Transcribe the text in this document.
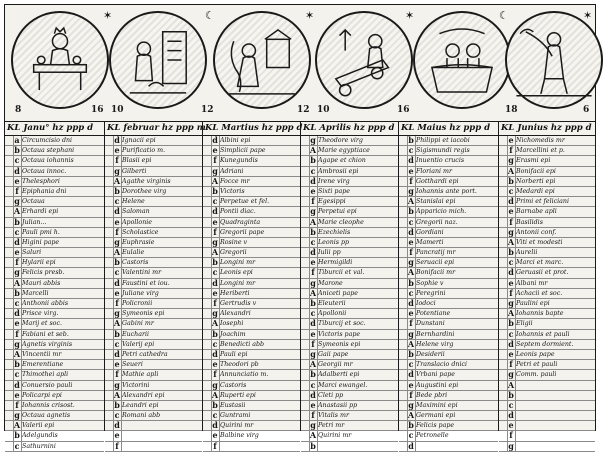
✶	☾	✶	✶	☾	✶
8	16 10	12	12 10	16	18	6
KL Janu° hz ppp d
a Circumcisio dni
b Octaua stephani
c Octaua iohannis
d Octaua innoc.
e Thelesphori
f Epiphania dni
g Octaua
A Erhardi epi
b Julian...
c Pauli pmi h.
d Higini pape
e Saluri
f Hylarii epi
g Felicis presb.
A Mauri abbis
b Marcelli
c Anthonii abbis
d Prisce virg.
e Marij et soc.
f Fabiani et seb.
g Agnetis virginis
A Vincentii mr
b Emerentiane
c Thimothei apli
d Conuersio pauli
e Policarpi epi
f Iohannis crisost.
g Octaua agnetis
A Valerii epi
b Adelgundis
c Sathurnini
KL februar hz ppp m
d Ignacii epi
e Purificatio m.
f Blasii epi
g Gilberti
A Agathe virginis
b Dorothee virg
c Helene
d Saloman
e Apollonie
f Scholastice
g Euphrasie
A Eulalie
b Castoris
c Valentini mr
d Faustini et iou.
e Juliane virg
f Policronii
g Symeonis epi
A Gabini mr
b Eucharii
c Valerij epi
d Petri cathedra
e Seueri
f Mathie apli
g Victorini
A Alexandri epi
b Leandri epi
c Romani abb
d
e
f
KL Martius hz ppp d
d Albini epi
e Simplicii pape
f Kunegundis
g Adriani
A Focce mr
b Victoris
c Perpetue et fel.
d Pontii diac.
e Quadraginta
f Gregorii pape
g Rosine v
A Gregorii
b Longini mr
c Leonis epi
d Longini mr
e Heriberti
f Gertrudis v
g Alexandri
A Iosephi
b Joachim
c Benedicti abb
d Pauli epi
e Theodori pb
f Annunciatio m.
g Castoris
A Ruperti epi
b Eustasii
c Guntrami
d Quirini mr
e Balbine virg
f
KL Aprilis hz ppp d
g Theodore virg
A Marie egyptiace
b Agape et chion
c Ambrosii epi
d Irene virg
e Sixti pape
f Egesippi
g Perpetui epi
A Marie cleophe
b Ezechielis
c Leonis pp
d Iulii pp
e Hermigildi
f Tiburcii et val.
g Marone
A Aniceti pape
b Eleuterii
c Apollonii
d Tiburcij et soc.
e Victoris pape
f Symeonis epi
g Gaii pape
A Georgii mr
b Adalberti epi
c Marci ewangel.
d Cleti pp
e Anastasii pp
f Vitalis mr
g Petri mr
A Quirini mr
b
KL Maius hz ppp d
b Philippi et iacobi
c Sigismundi regis
d Inuentio crucis
e Floriani mr
f Gotthardi epi
g Iohannis ante port.
A Stanislai epi
b Apparicio mich.
c Gregorii naz.
d Gordiani
e Mamerti
f Pancratij mr
g Seruacii epi
A Bonifacii mr
b Sophie v
c Peregrini
d Iodoci
e Potentiane
f Dunstani
g Bernhardini
A Helene virg
b Desiderii
c Translacio dnici
d Vrbani pape
e Augustini epi
f Bede pbri
g Maximini epi
A Germani epi
b Felicis pape
c Petronelle
d
KL Junius hz ppp d
e Nichomedis mr
f Marcellini et p.
g Erasmi epi
A Bonifacii epi
b Norberti epi
c Medardi epi
d Primi et feliciani
e Barnabe apli
f Basilidis
g Antonii conf.
A Viti et modesti
b Aurelii
c Marci et marc.
d Geruasii et prot.
e Albani mr
f Achacii et soc.
g Paulini epi
A Iohannis bapte
b Eligii
c Iohannis et pauli
d Septem dormient.
e Leonis pape
f Petri et pauli
g Comm. pauli
A
b
c
d
e
f
g
